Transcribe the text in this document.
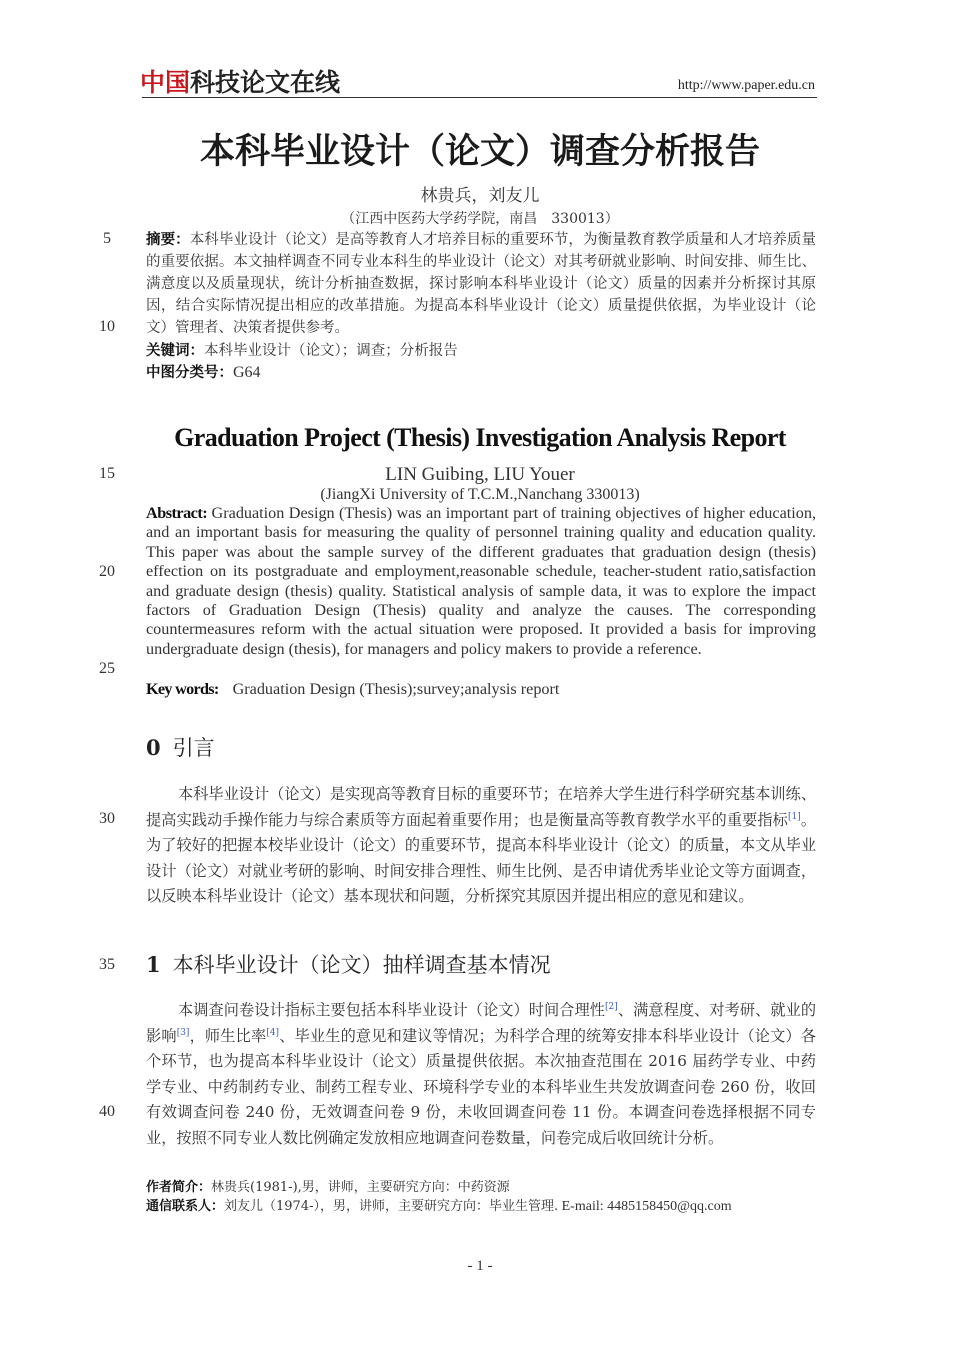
中国科技论文在线	http://www.paper.edu.cn
本科毕业设计（论文）调查分析报告
林贵兵，刘友儿
（江西中医药大学药学院，南昌　330013）
5
10
15
20
25
30
35
40
摘要：本科毕业设计（论文）是高等教育人才培养目标的重要环节，为衡量教育教学质量和人才培养质量的重要依据。本文抽样调查不同专业本科生的毕业设计（论文）对其考研就业影响、时间安排、师生比、满意度以及质量现状，统计分析抽查数据，探讨影响本科毕业设计（论文）质量的因素并分析探讨其原因，结合实际情况提出相应的改革措施。为提高本科毕业设计（论文）质量提供依据，为毕业设计（论文）管理者、决策者提供参考。
关键词：本科毕业设计（论文）；调查；分析报告
中图分类号：G64
Graduation Project (Thesis) Investigation Analysis Report
LIN Guibing, LIU Youer
(JiangXi University of T.C.M.,Nanchang 330013)
Abstract: Graduation Design (Thesis) was an important part of training objectives of higher education, and an important basis for measuring the quality of personnel training quality and education quality. This paper was about the sample survey of the different graduates that graduation design (thesis) effection on its postgraduate and employment,reasonable schedule, teacher-student ratio,satisfaction and graduate design (thesis) quality. Statistical analysis of sample data, it was to explore the impact factors of Graduation Design (Thesis) quality and analyze the causes. The corresponding countermeasures reform with the actual situation were proposed. It provided a basis for improving undergraduate design (thesis), for managers and policy makers to provide a reference.
Key words: Graduation Design (Thesis);survey;analysis report
0 引言
本科毕业设计（论文）是实现高等教育目标的重要环节；在培养大学生进行科学研究基本训练、提高实践动手操作能力与综合素质等方面起着重要作用；也是衡量高等教育教学水平的重要指标[1]。为了较好的把握本校毕业设计（论文）的重要环节，提高本科毕业设计（论文）的质量，本文从毕业设计（论文）对就业考研的影响、时间安排合理性、师生比例、是否申请优秀毕业论文等方面调查，以反映本科毕业设计（论文）基本现状和问题，分析探究其原因并提出相应的意见和建议。
1 本科毕业设计（论文）抽样调查基本情况
本调查问卷设计指标主要包括本科毕业设计（论文）时间合理性[2]、满意程度、对考研、就业的影响[3]，师生比率[4]、毕业生的意见和建议等情况；为科学合理的统筹安排本科毕业设计（论文）各个环节，也为提高本科毕业设计（论文）质量提供依据。本次抽查范围在 2016 届药学专业、中药学专业、中药制药专业、制药工程专业、环境科学专业的本科毕业生共发放调查问卷 260 份，收回有效调查问卷 240 份，无效调查问卷 9 份，未收回调查问卷 11 份。本调查问卷选择根据不同专业，按照不同专业人数比例确定发放相应地调查问卷数量，问卷完成后收回统计分析。
作者简介：林贵兵(1981-),男，讲师，主要研究方向：中药资源
通信联系人：刘友儿（1974-），男，讲师，主要研究方向：毕业生管理. E-mail: 4485158450@qq.com
- 1 -
